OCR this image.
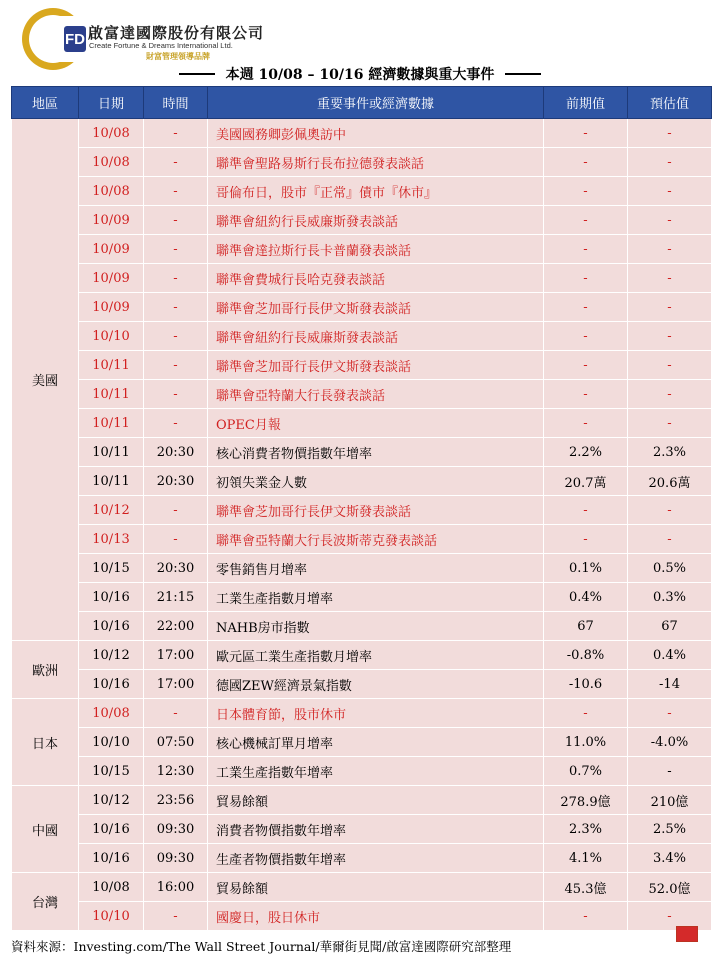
FD 啟富達國際股份有限公司
Create Fortune & Dreams International Ltd.
財富管理領導品牌
本週 10/08 – 10/16 經濟數據與重大事件
地區	日期	時間	重要事件或經濟數據	前期值	預估值
美國	10/08	-	美國國務卿彭佩奧訪中	-	-
	10/08	-	聯準會聖路易斯行長布拉德發表談話	-	-
	10/08	-	哥倫布日，股市『正常』債市『休市』	-	-
	10/09	-	聯準會紐約行長威廉斯發表談話	-	-
	10/09	-	聯準會達拉斯行長卡普蘭發表談話	-	-
	10/09	-	聯準會費城行長哈克發表談話	-	-
	10/09	-	聯準會芝加哥行長伊文斯發表談話	-	-
	10/10	-	聯準會紐約行長威廉斯發表談話	-	-
	10/11	-	聯準會芝加哥行長伊文斯發表談話	-	-
	10/11	-	聯準會亞特蘭大行長發表談話	-	-
	10/11	-	OPEC月報	-	-
	10/11	20:30	核心消費者物價指數年增率	2.2%	2.3%
	10/11	20:30	初領失業金人數	20.7萬	20.6萬
	10/12	-	聯準會芝加哥行長伊文斯發表談話	-	-
	10/13	-	聯準會亞特蘭大行長波斯蒂克發表談話	-	-
	10/15	20:30	零售銷售月增率	0.1%	0.5%
	10/16	21:15	工業生產指數月增率	0.4%	0.3%
	10/16	22:00	NAHB房市指數	67	67
歐洲	10/12	17:00	歐元區工業生產指數月增率	-0.8%	0.4%
	10/16	17:00	德國ZEW經濟景氣指數	-10.6	-14
日本	10/08	-	日本體育節，股市休市	-	-
	10/10	07:50	核心機械訂單月增率	11.0%	-4.0%
	10/15	12:30	工業生產指數年增率	0.7%	-
中國	10/12	23:56	貿易餘額	278.9億	210億
	10/16	09:30	消費者物價指數年增率	2.3%	2.5%
	10/16	09:30	生產者物價指數年增率	4.1%	3.4%
台灣	10/08	16:00	貿易餘額	45.3億	52.0億
	10/10	-	國慶日，股日休市	-	-
資料來源：Investing.com/The Wall Street Journal/華爾街見聞/啟富達國際研究部整理
